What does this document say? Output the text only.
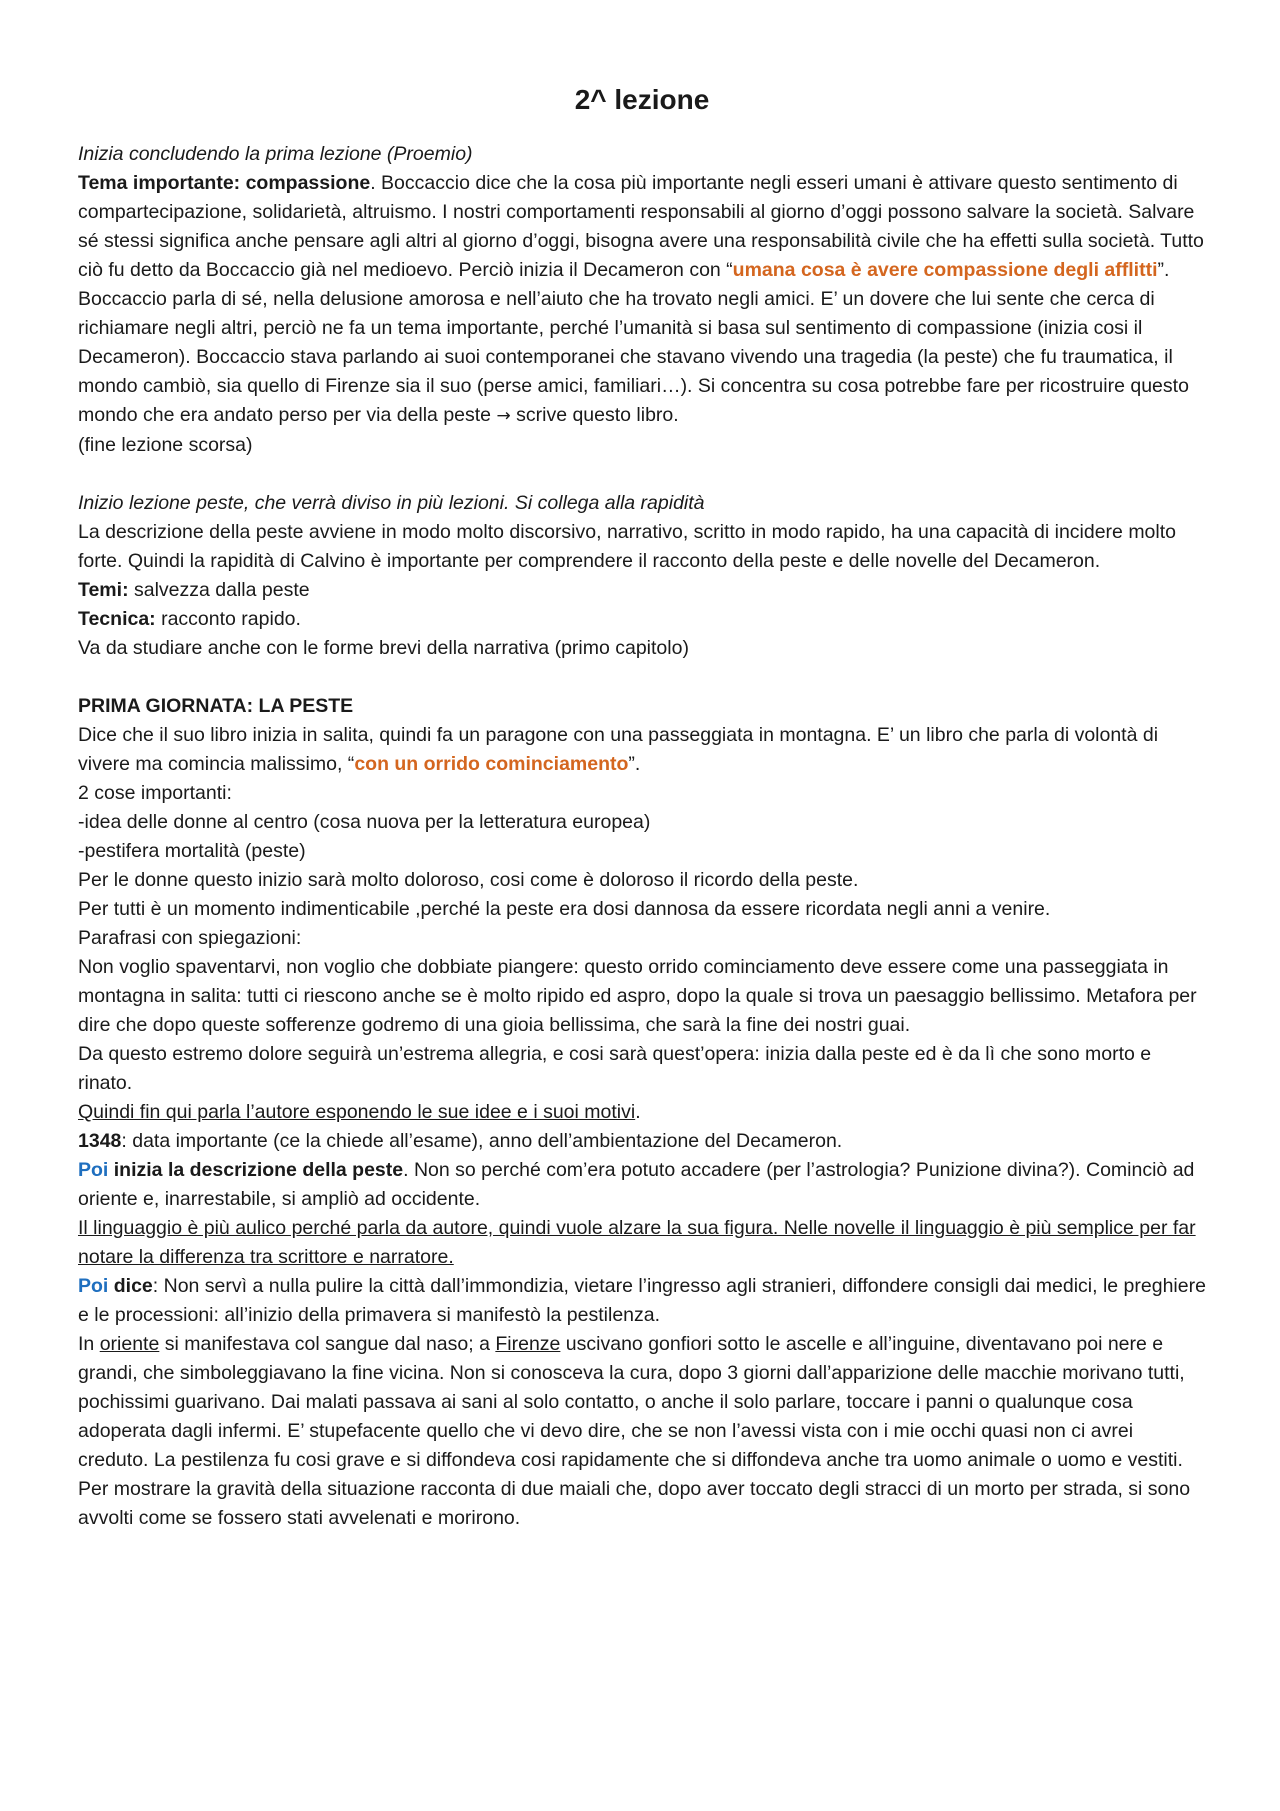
2^ lezione

Inizia concludendo la prima lezione (Proemio)

Tema importante: compassione. Boccaccio dice che la cosa più importante negli esseri umani è attivare questo sentimento di compartecipazione, solidarietà, altruismo. I nostri comportamenti responsabili al giorno d’oggi possono salvare la società. Salvare sé stessi significa anche pensare agli altri al giorno d’oggi, bisogna avere una responsabilità civile che ha effetti sulla società. Tutto ciò fu detto da Boccaccio già nel medioevo. Perciò inizia il Decameron con “umana cosa è avere compassione degli afflitti”.

Boccaccio parla di sé, nella delusione amorosa e nell’aiuto che ha trovato negli amici. E’ un dovere che lui sente che cerca di richiamare negli altri, perciò ne fa un tema importante, perché l’umanità si basa sul sentimento di compassione (inizia cosi il Decameron). Boccaccio stava parlando ai suoi contemporanei che stavano vivendo una tragedia (la peste) che fu traumatica, il mondo cambiò, sia quello di Firenze sia il suo (perse amici, familiari…). Si concentra su cosa potrebbe fare per ricostruire questo mondo che era andato perso per via della peste → scrive questo libro.

(fine lezione scorsa)

Inizio lezione peste, che verrà diviso in più lezioni. Si collega alla rapidità

La descrizione della peste avviene in modo molto discorsivo, narrativo, scritto in modo rapido, ha una capacità di incidere molto forte. Quindi la rapidità di Calvino è importante per comprendere il racconto della peste e delle novelle del Decameron.

Temi: salvezza dalla peste

Tecnica: racconto rapido.

Va da studiare anche con le forme brevi della narrativa (primo capitolo)

PRIMA GIORNATA: LA PESTE

Dice che il suo libro inizia in salita, quindi fa un paragone con una passeggiata in montagna. E’ un libro che parla di volontà di vivere ma comincia malissimo, “con un orrido cominciamento”.

2 cose importanti:

-idea delle donne al centro (cosa nuova per la letteratura europea)

-pestifera mortalità (peste)

Per le donne questo inizio sarà molto doloroso, cosi come è doloroso il ricordo della peste.

Per tutti è un momento indimenticabile ,perché la peste era dosi dannosa da essere ricordata negli anni a venire.

Parafrasi con spiegazioni:

Non voglio spaventarvi, non voglio che dobbiate piangere: questo orrido cominciamento deve essere come una passeggiata in montagna in salita: tutti ci riescono anche se è molto ripido ed aspro, dopo la quale si trova un paesaggio bellissimo. Metafora per dire che dopo queste sofferenze godremo di una gioia bellissima, che sarà la fine dei nostri guai.

Da questo estremo dolore seguirà un’estrema allegria, e cosi sarà quest’opera: inizia dalla peste ed è da lì che sono morto e rinato.

Quindi fin qui parla l’autore esponendo le sue idee e i suoi motivi.

1348: data importante (ce la chiede all’esame), anno dell’ambientazione del Decameron.

Poi inizia la descrizione della peste. Non so perché com’era potuto accadere (per l’astrologia? Punizione divina?). Cominciò ad oriente e, inarrestabile, si ampliò ad occidente.

Il linguaggio è più aulico perché parla da autore, quindi vuole alzare la sua figura. Nelle novelle il linguaggio è più semplice per far notare la differenza tra scrittore e narratore.

Poi dice: Non servì a nulla pulire la città dall’immondizia, vietare l’ingresso agli stranieri, diffondere consigli dai medici, le preghiere e le processioni: all’inizio della primavera si manifestò la pestilenza.

In oriente si manifestava col sangue dal naso; a Firenze uscivano gonfiori sotto le ascelle e all’inguine, diventavano poi nere e grandi, che simboleggiavano la fine vicina. Non si conosceva la cura, dopo 3 giorni dall’apparizione delle macchie morivano tutti, pochissimi guarivano. Dai malati passava ai sani al solo contatto, o anche il solo parlare, toccare i panni o qualunque cosa adoperata dagli infermi. E’ stupefacente quello che vi devo dire, che se non l’avessi vista con i mie occhi quasi non ci avrei creduto. La pestilenza fu cosi grave e si diffondeva cosi rapidamente che si diffondeva anche tra uomo animale o uomo e vestiti.

Per mostrare la gravità della situazione racconta di due maiali che, dopo aver toccato degli stracci di un morto per strada, si sono avvolti come se fossero stati avvelenati e morirono.
